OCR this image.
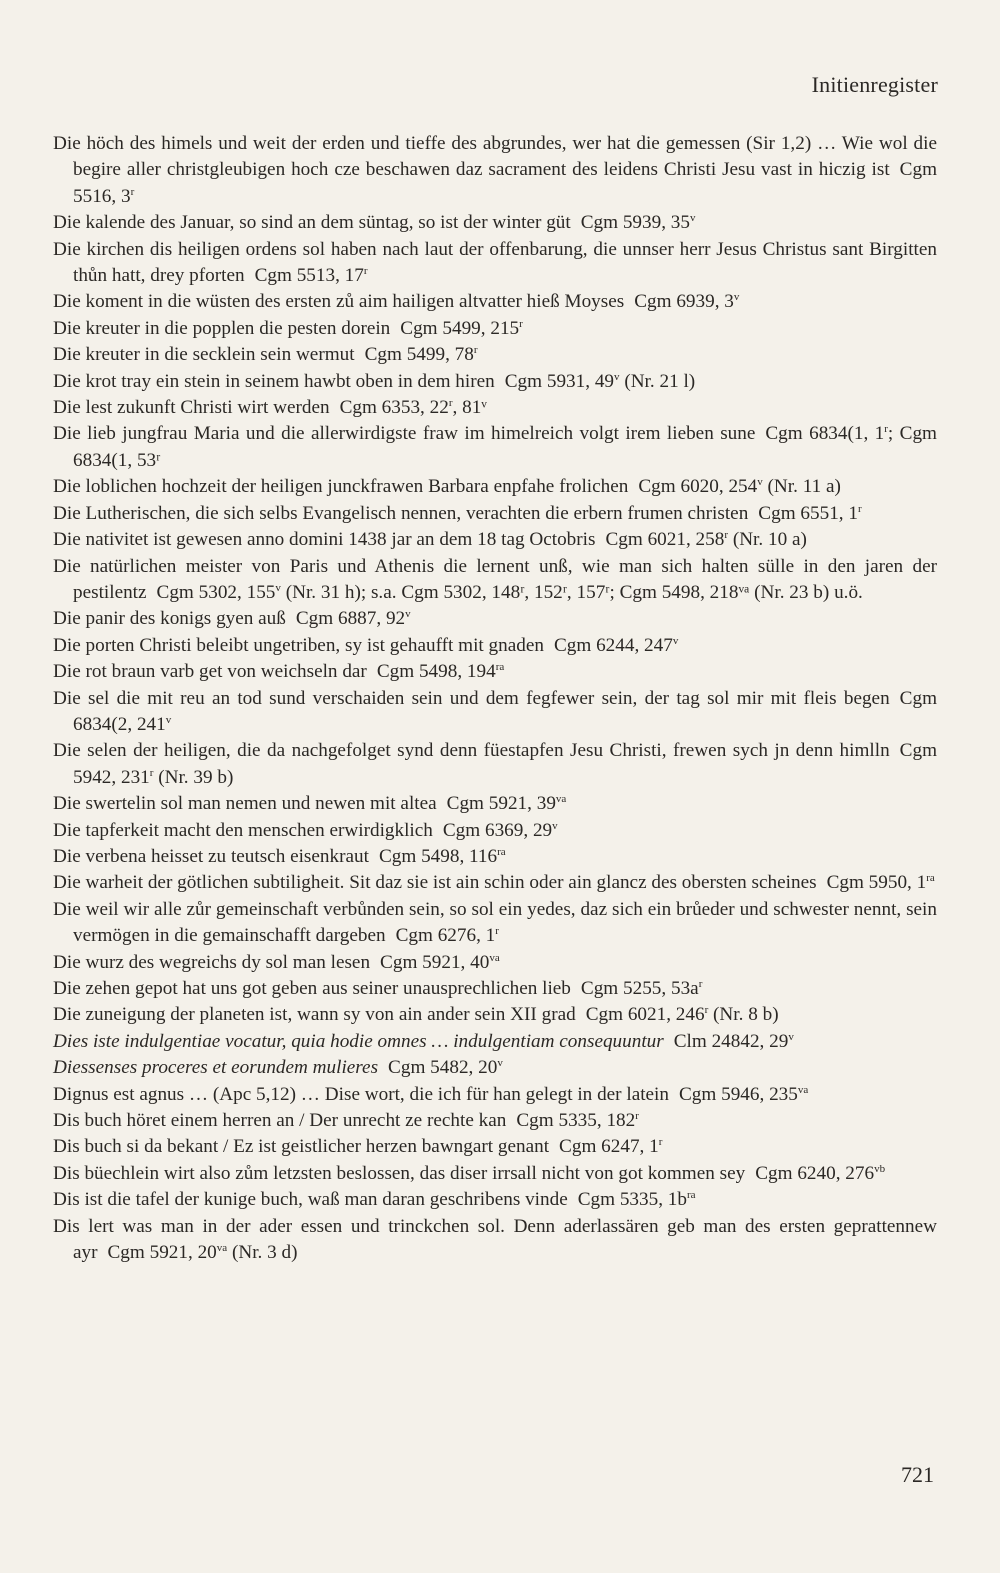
Initienregister

Die höch des himels und weit der erden und tieffe des abgrundes, wer hat die gemessen (Sir 1,2) … Wie wol die begire aller christgleubigen hoch cze beschawen daz sacrament des leidens Christi Jesu vast in hiczig ist Cgm 5516, 3$^r$

Die kalende des Januar, so sind an dem süntag, so ist der winter güt Cgm 5939, 35$^v$

Die kirchen dis heiligen ordens sol haben nach laut der offenbarung, die unnser herr Jesus Christus sant Birgitten thůn hatt, drey pforten Cgm 5513, 17$^r$

Die koment in die wüsten des ersten zů aim hailigen altvatter hieß Moyses Cgm 6939, 3$^v$

Die kreuter in die popplen die pesten dorein Cgm 5499, 215$^r$

Die kreuter in die secklein sein wermut Cgm 5499, 78$^r$

Die krot tray ein stein in seinem hawbt oben in dem hiren Cgm 5931, 49$^v$ (Nr. 21 l)

Die lest zukunft Christi wirt werden Cgm 6353, 22$^r$, 81ᵛ

Die lieb jungfrau Maria und die allerwirdigste fraw im himelreich volgt irem lieben sune Cgm 6834(1, 1$^r$; Cgm 6834(1, 53ʳ

Die loblichen hochzeit der heiligen junckfrawen Barbara enpfahe frolichen Cgm 6020, 254$^v$ (Nr. 11 a)

Die Lutherischen, die sich selbs Evangelisch nennen, verachten die erbern frumen christen Cgm 6551, 1$^r$

Die nativitet ist gewesen anno domini 1438 jar an dem 18 tag Octobris Cgm 6021, 258$^r$ (Nr. 10 a)

Die natürlichen meister von Paris und Athenis die lernent unß, wie man sich halten sülle in den jaren der pestilentz Cgm 5302, 155$^v$ (Nr. 31 h); s.a. Cgm 5302, 148ʳ, 152ʳ, 157ʳ; Cgm 5498, 218ᵛᵃ (Nr. 23 b) u.ö.

Die panir des konigs gyen auß Cgm 6887, 92$^v$

Die porten Christi beleibt ungetriben, sy ist gehaufft mit gnaden Cgm 6244, 247$^v$

Die rot braun varb get von weichseln dar Cgm 5498, $194^{ra}$

Die sel die mit reu an tod sund verschaiden sein und dem fegfewer sein, der tag sol mir mit fleis begen Cgm 6834(2, 241$^v$

Die selen der heiligen, die da nachgefolget synd denn füestapfen Jesu Christi, frewen sych jn denn himlln Cgm 5942, 231$^r$ (Nr. 39 b)

Die swertelin sol man nemen und newen mit altea Cgm 5921, $39^{va}$

Die tapferkeit macht den menschen erwirdigklich Cgm 6369, 29$^v$

Die verbena heisset zu teutsch eisenkraut Cgm 5498, $116^{ra}$

Die warheit der götlichen subtiligheit. Sit daz sie ist ain schin oder ain glancz des obersten scheines Cgm 5950, $1^{ra}$

Die weil wir alle zůr gemeinschaft verbůnden sein, so sol ein yedes, daz sich ein brůeder und schwester nennt, sein vermögen in die gemainschafft dargeben Cgm 6276, 1$^r$

Die wurz des wegreichs dy sol man lesen Cgm 5921, $40^{va}$

Die zehen gepot hat uns got geben aus seiner unausprechlichen lieb Cgm 5255, $53a^r$

Die zuneigung der planeten ist, wann sy von ain ander sein XII grad Cgm 6021, 246$^r$ (Nr. 8 b)

Dies iste indulgentiae vocatur, quia hodie omnes … indulgentiam consequuntur Clm 24842, 29$^v$

Diessenses proceres et eorundem mulieres Cgm 5482, 20$^v$

Dignus est agnus … (Apc 5,12) … Dise wort, die ich für han gelegt in der latein Cgm 5946, $235^{va}$

Dis buch höret einem herren an / Der unrecht ze rechte kan Cgm 5335, 182$^r$

Dis buch si da bekant / Ez ist geistlicher herzen bawngart genant Cgm 6247, 1$^r$

Dis büechlein wirt also zům letzsten beslossen, das diser irrsall nicht von got kommen sey Cgm 6240, $276^{vb}$

Dis ist die tafel der kunige buch, waß man daran geschribens vinde Cgm 5335, $1b^{ra}$

Dis lert was man in der ader essen und trinckchen sol. Denn aderlassären geb man des ersten geprattennew ayr Cgm 5921, $20^{va}$ (Nr. 3 d)

721
